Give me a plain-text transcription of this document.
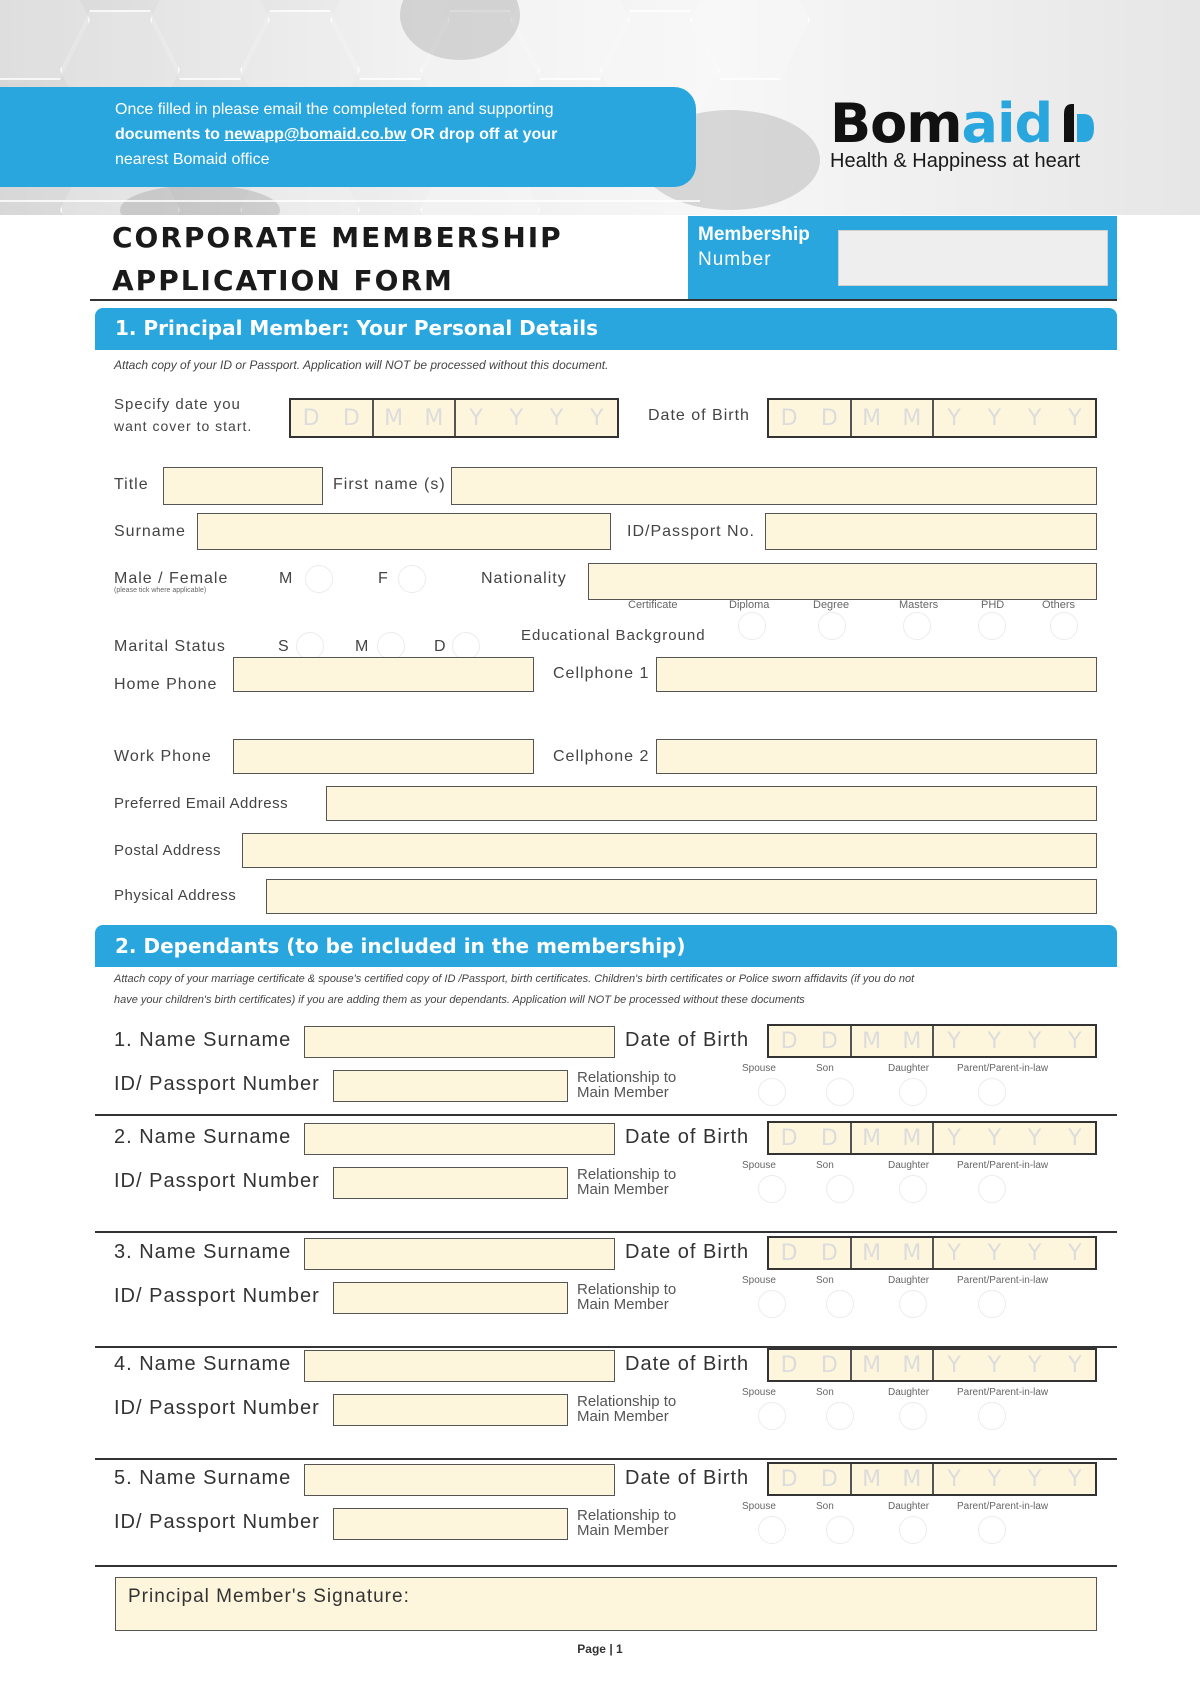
Once filled in please email the completed form and supporting
documents to newapp@bomaid.co.bw OR drop off at your
nearest Bomaid office
Bomaid
Health & Happiness at heart
CORPORATE MEMBERSHIP
APPLICATION FORM
Membership
Number
1. Principal Member: Your Personal Details
Attach copy of your ID or Passport. Application will NOT be processed without this document.
Specify date you
want cover to start.	D	D	M M	Y	Y	Y	Y	Date of Birth	D	D	M M	Y	Y	Y	Y
Title	First name (s)
Surname	ID/Passport No.
Male / Female
(please tick where applicable)
M	F	Nationality
Certificate	Diploma	Degree	Masters	PHD	Others
Educational Background
Marital Status	S	M	D
Home Phone
Cellphone 1
Work Phone	Cellphone 2
Preferred Email Address
Postal Address
Physical Address
2. Dependants (to be included in the membership)
Attach copy of your marriage certificate & spouse's certified copy of ID /Passport, birth certificates. Children's birth certificates or Police sworn affidavits (if you do not
have your children's birth certificates) if you are adding them as your dependants. Application will NOT be processed without these documents
1. Name Surname	Date of Birth	D	D	M M	Y	Y	Y	Y
ID/ Passport Number	Relationship to
Main Member
Spouse	Son	Daughter	Parent/Parent-in-law
2. Name Surname	Date of Birth	D	D	M M	Y	Y	Y	Y
ID/ Passport Number	Relationship to
Main Member
Spouse	Son	Daughter	Parent/Parent-in-law
3. Name Surname	Date of Birth	D	D	M M	Y	Y	Y	Y
ID/ Passport Number	Relationship to
Main Member
Spouse	Son	Daughter	Parent/Parent-in-law
4. Name Surname	Date of Birth	D	D	M M	Y	Y	Y	Y
ID/ Passport Number	Relationship to
Main Member
Spouse	Son	Daughter	Parent/Parent-in-law
5. Name Surname	Date of Birth	D	D	M M	Y	Y	Y	Y
ID/ Passport Number	Relationship to
Main Member
Spouse	Son	Daughter	Parent/Parent-in-law
Principal Member's Signature:
Page | 1
